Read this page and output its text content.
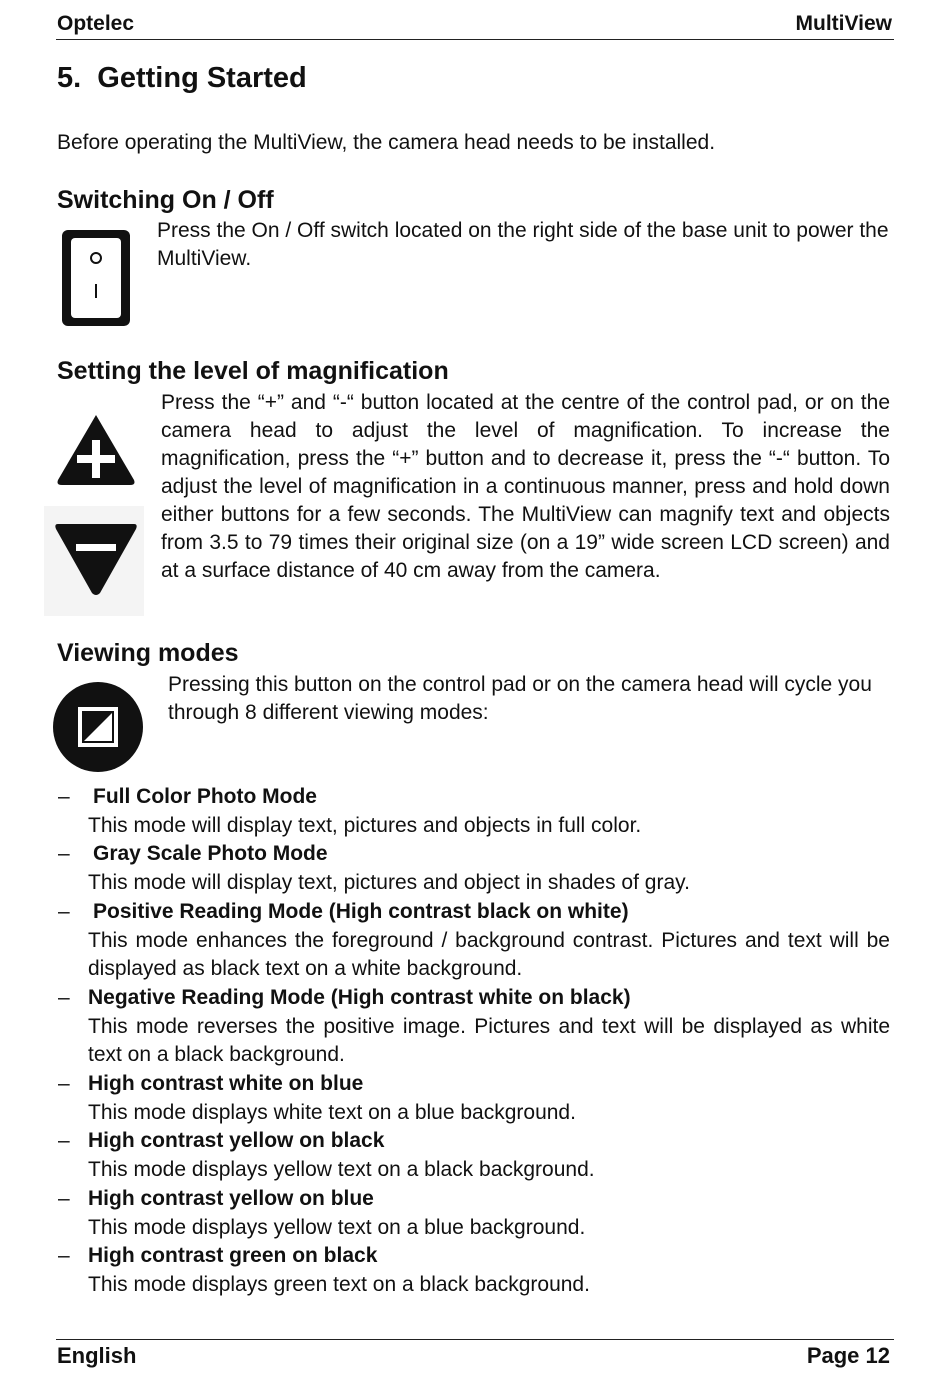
Optelec	MultiView
5.  Getting Started

Before operating the MultiView, the camera head needs to be installed.

Switching On / Off

Press the On / Off switch located on the right side of the base unit to power the MultiView.

Setting the level of magnification

Press the “+” and “-“ button located at the centre of the control pad, or on the camera head to adjust the level of magnification. To increase the magnification, press the “+” button and to decrease it, press the “-“ button. To adjust the level of magnification in a continuous manner, press and hold down either buttons for a few seconds. The MultiView can magnify text and objects from 3.5 to 79 times their original size (on a 19” wide screen LCD screen) and at a surface distance of 40 cm away from the camera.

Viewing modes

Pressing this button on the control pad or on the camera head will cycle you through 8 different viewing modes:

– Full Color Photo Mode
This mode will display text, pictures and objects in full color.
– Gray Scale Photo Mode
This mode will display text, pictures and object in shades of gray.
– Positive Reading Mode (High contrast black on white)
This mode enhances the foreground / background contrast. Pictures and text will be displayed as black text on a white background.
– Negative Reading Mode (High contrast white on black)
This mode reverses the positive image. Pictures and text will be displayed as white text on a black background.
– High contrast white on blue
This mode displays white text on a blue background.
– High contrast yellow on black
This mode displays yellow text on a black background.
– High contrast yellow on blue
This mode displays yellow text on a blue background.
– High contrast green on black
This mode displays green text on a black background.
English	Page 12
